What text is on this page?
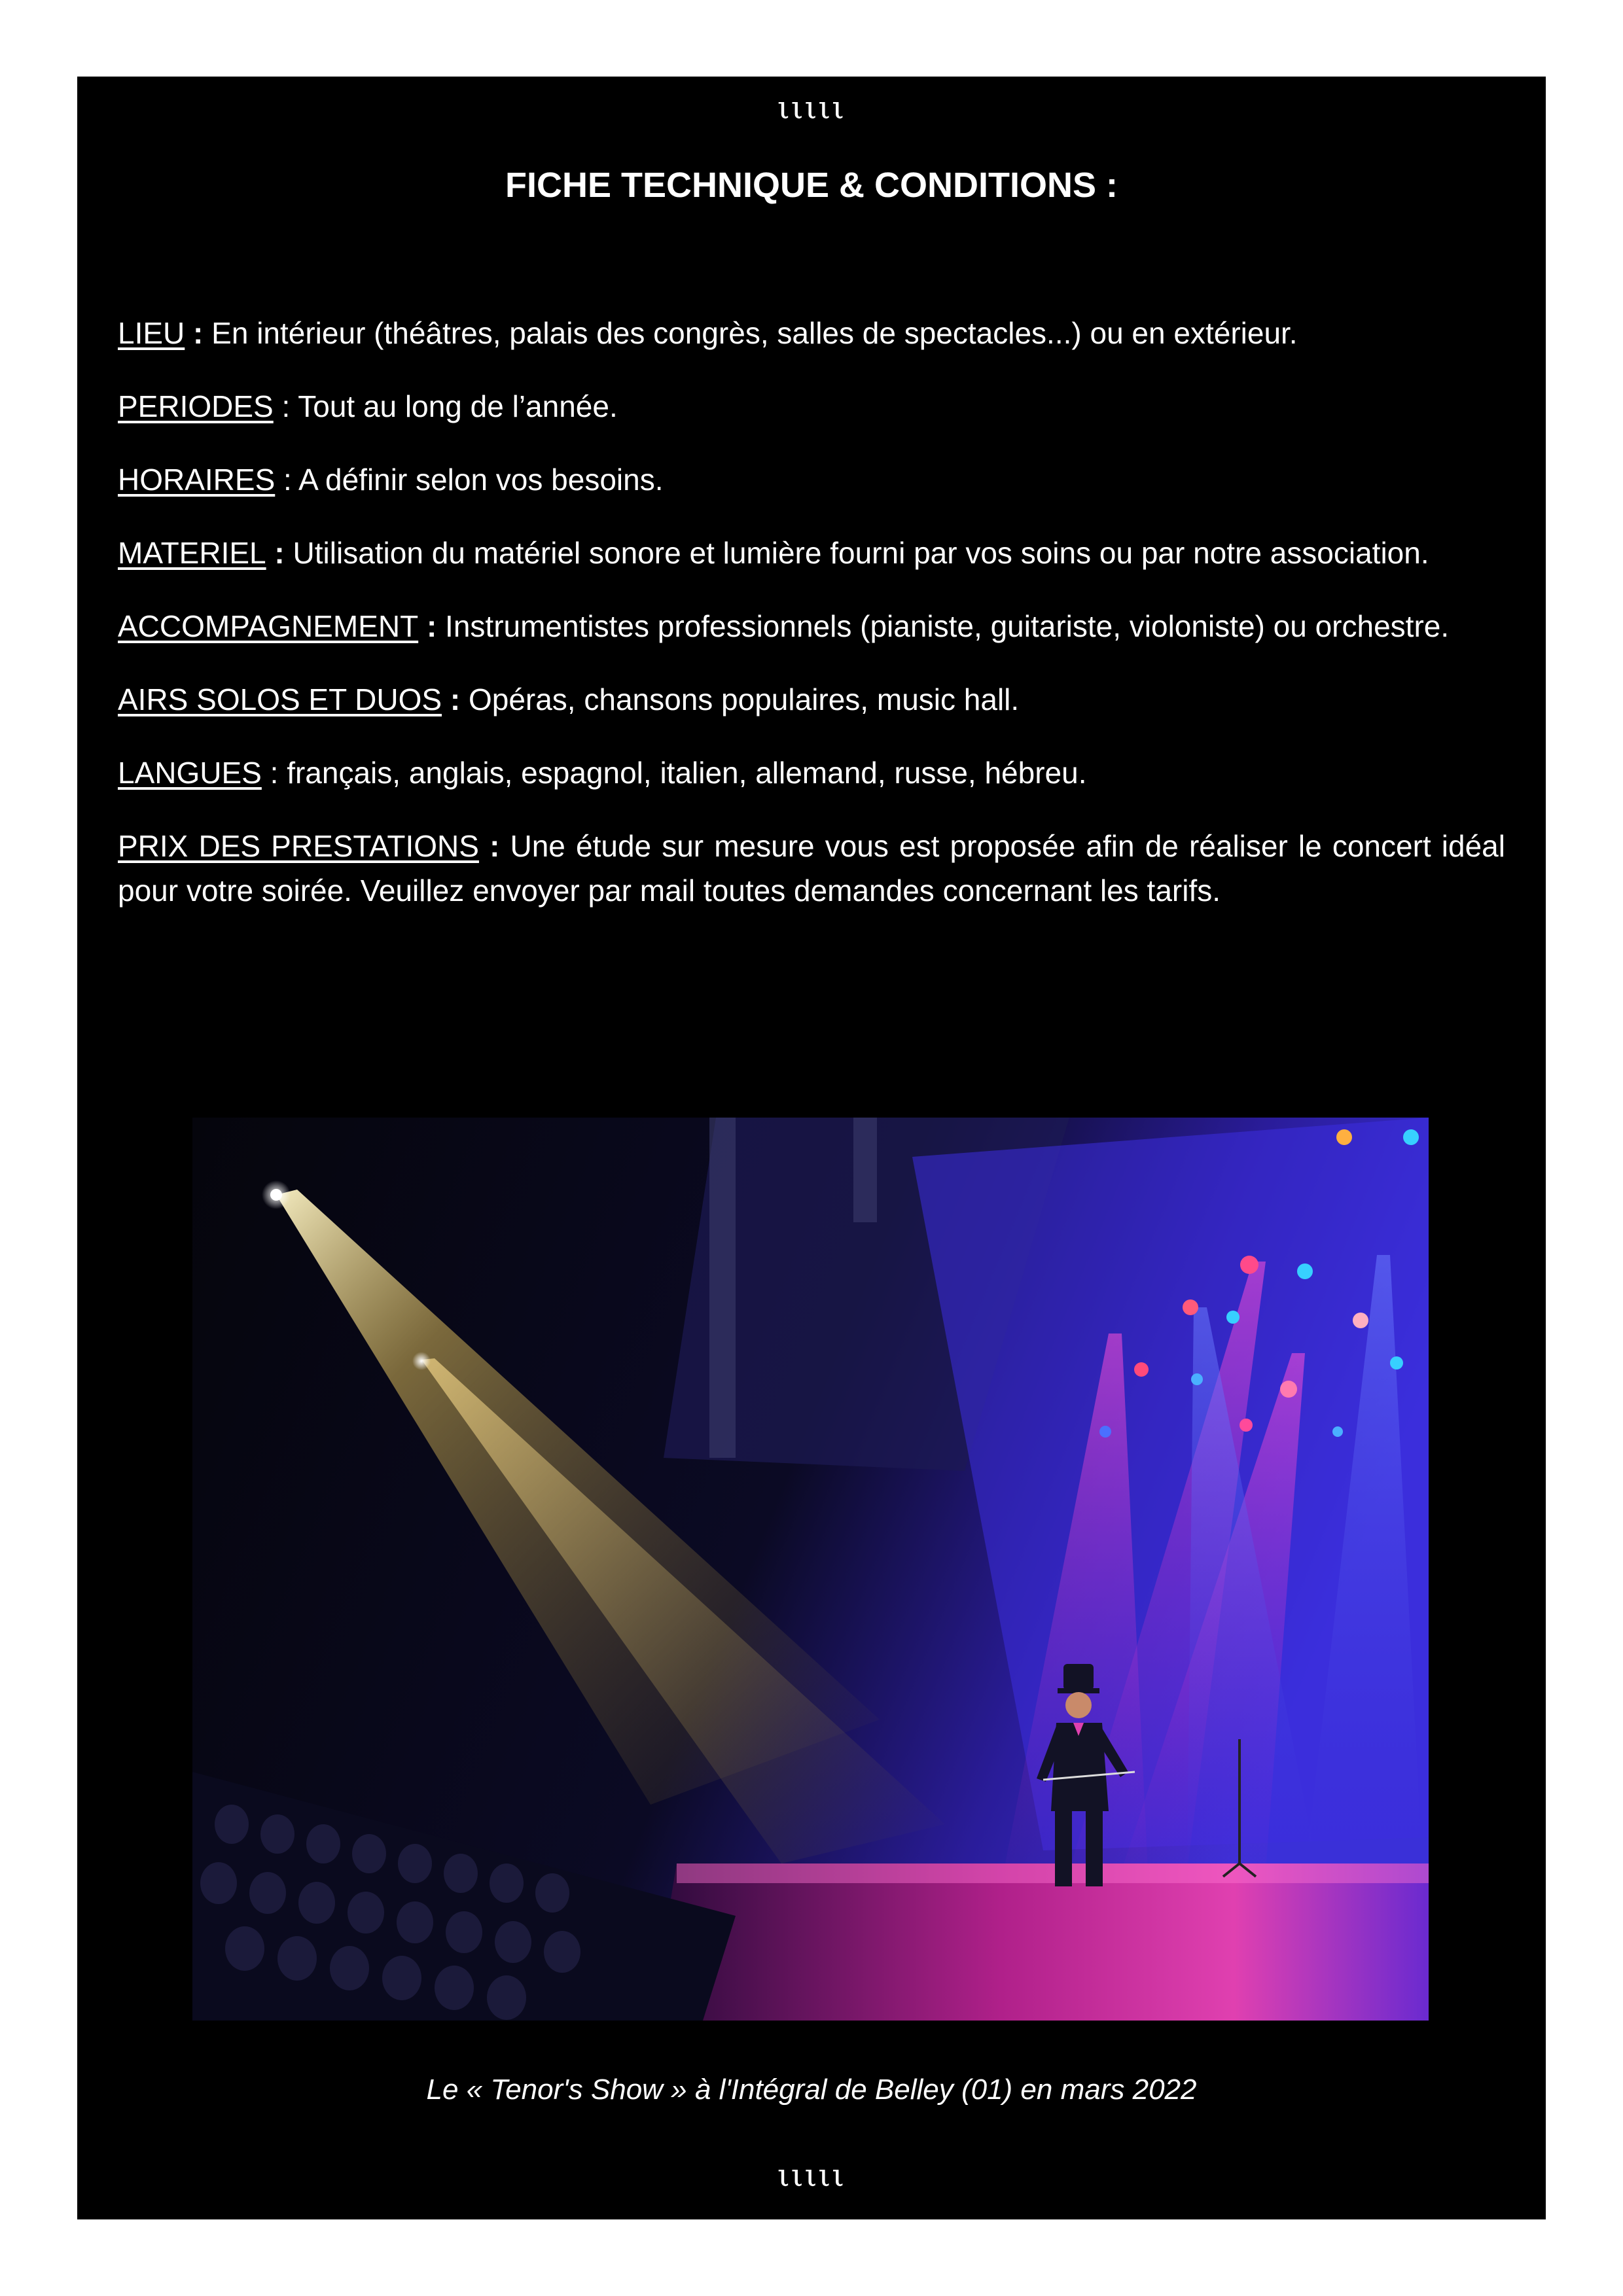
ιιιιι
FICHE TECHNIQUE & CONDITIONS :

LIEU : En intérieur (théâtres, palais des congrès, salles de spectacles...) ou en extérieur.

PERIODES : Tout au long de l’année.

HORAIRES : A définir selon vos besoins.

MATERIEL : Utilisation du matériel sonore et lumière fourni par vos soins ou par notre association.

ACCOMPAGNEMENT : Instrumentistes professionnels (pianiste, guitariste, violoniste) ou orchestre.

AIRS SOLOS ET DUOS : Opéras, chansons populaires, music hall.

LANGUES : français, anglais, espagnol, italien, allemand, russe, hébreu.

PRIX DES PRESTATIONS : Une étude sur mesure vous est proposée afin de réaliser le concert idéal pour votre soirée. Veuillez envoyer par mail toutes demandes concernant les tarifs.

Le « Tenor's Show » à l'Intégral de Belley (01) en mars 2022
ιιιιι
